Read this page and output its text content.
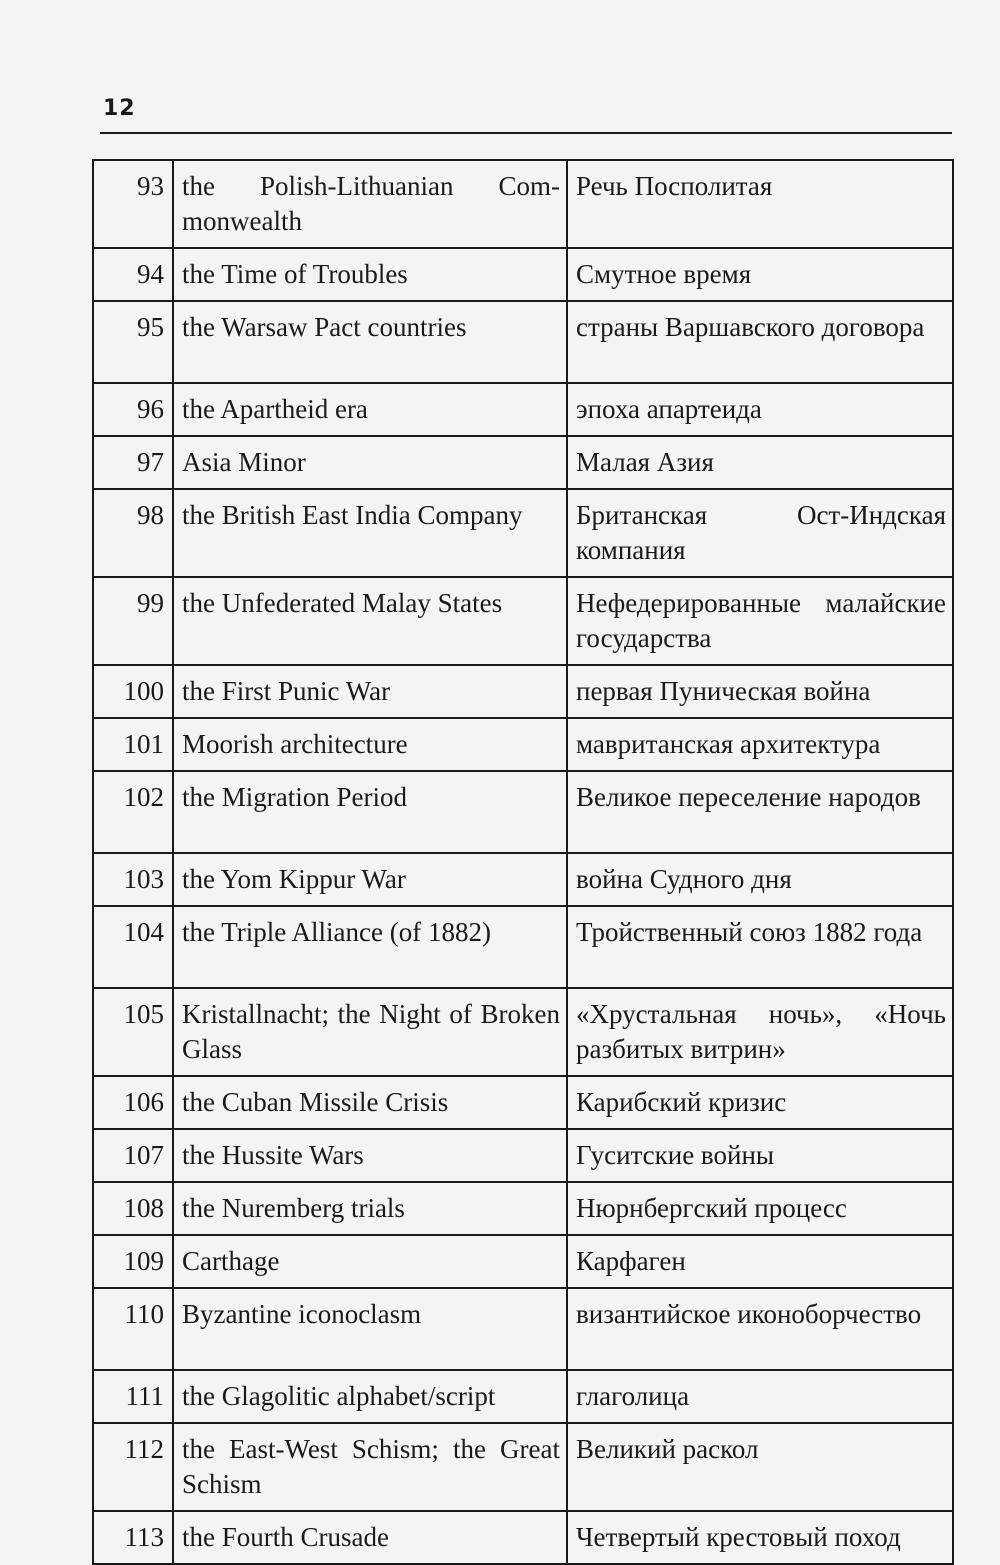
12
93	the Polish-Lithuanian Commonwealth	Речь Посполитая
94	the Time of Troubles	Смутное время
95	the Warsaw Pact countries	страны Варшавского договора
96	the Apartheid era	эпоха апартеида
97	Asia Minor	Малая Азия
98	the British East India Company	Британская Ост-Индская компания
99	the Unfederated Malay States	Нефедерированные малайские государства
100	the First Punic War	первая Пуническая война
101	Moorish architecture	мавританская архитектура
102	the Migration Period	Великое переселение народов
103	the Yom Kippur War	война Судного дня
104	the Triple Alliance (of 1882)	Тройственный союз 1882 года
105	Kristallnacht; the Night of Broken Glass	«Хрустальная ночь», «Ночь разбитых витрин»
106	the Cuban Missile Crisis	Карибский кризис
107	the Hussite Wars	Гуситские войны
108	the Nuremberg trials	Нюрнбергский процесс
109	Carthage	Карфаген
110	Byzantine iconoclasm	византийское иконоборчество
111	the Glagolitic alphabet/script	глаголица
112	the East-West Schism; the Great Schism	Великий раскол
113	the Fourth Crusade	Четвертый крестовый поход
